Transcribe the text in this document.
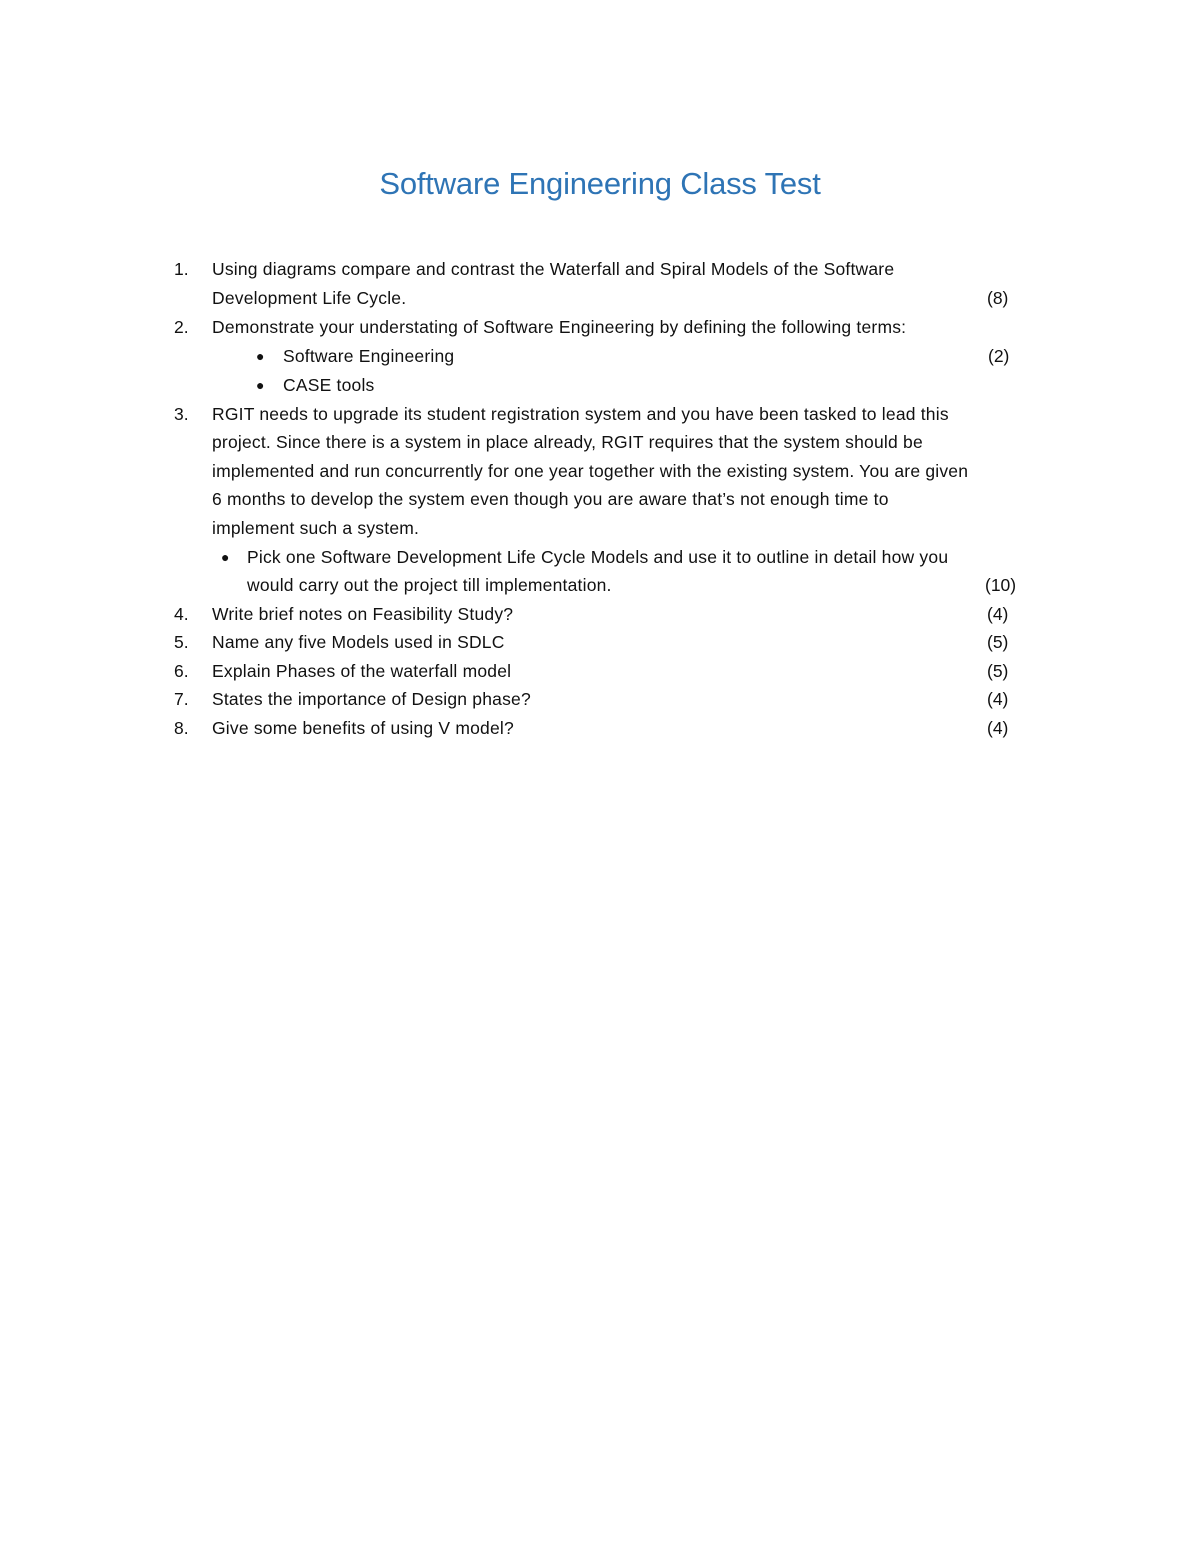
Software Engineering Class Test
1. Using diagrams compare and contrast the Waterfall and Spiral Models of the Software
Development Life Cycle.	(8)
2. Demonstrate your understating of Software Engineering by defining the following terms:
● Software Engineering	(2)
● CASE tools
3. RGIT needs to upgrade its student registration system and you have been tasked to lead this
project. Since there is a system in place already, RGIT requires that the system should be
implemented and run concurrently for one year together with the existing system. You are given
6 months to develop the system even though you are aware that’s not enough time to
implement such a system.
● Pick one Software Development Life Cycle Models and use it to outline in detail how you
would carry out the project till implementation.	(10)
4. Write brief notes on Feasibility Study?	(4)
5. Name any five Models used in SDLC	(5)
6. Explain Phases of the waterfall model	(5)
7. States the importance of Design phase?	(4)
8. Give some benefits of using V model?	(4)
